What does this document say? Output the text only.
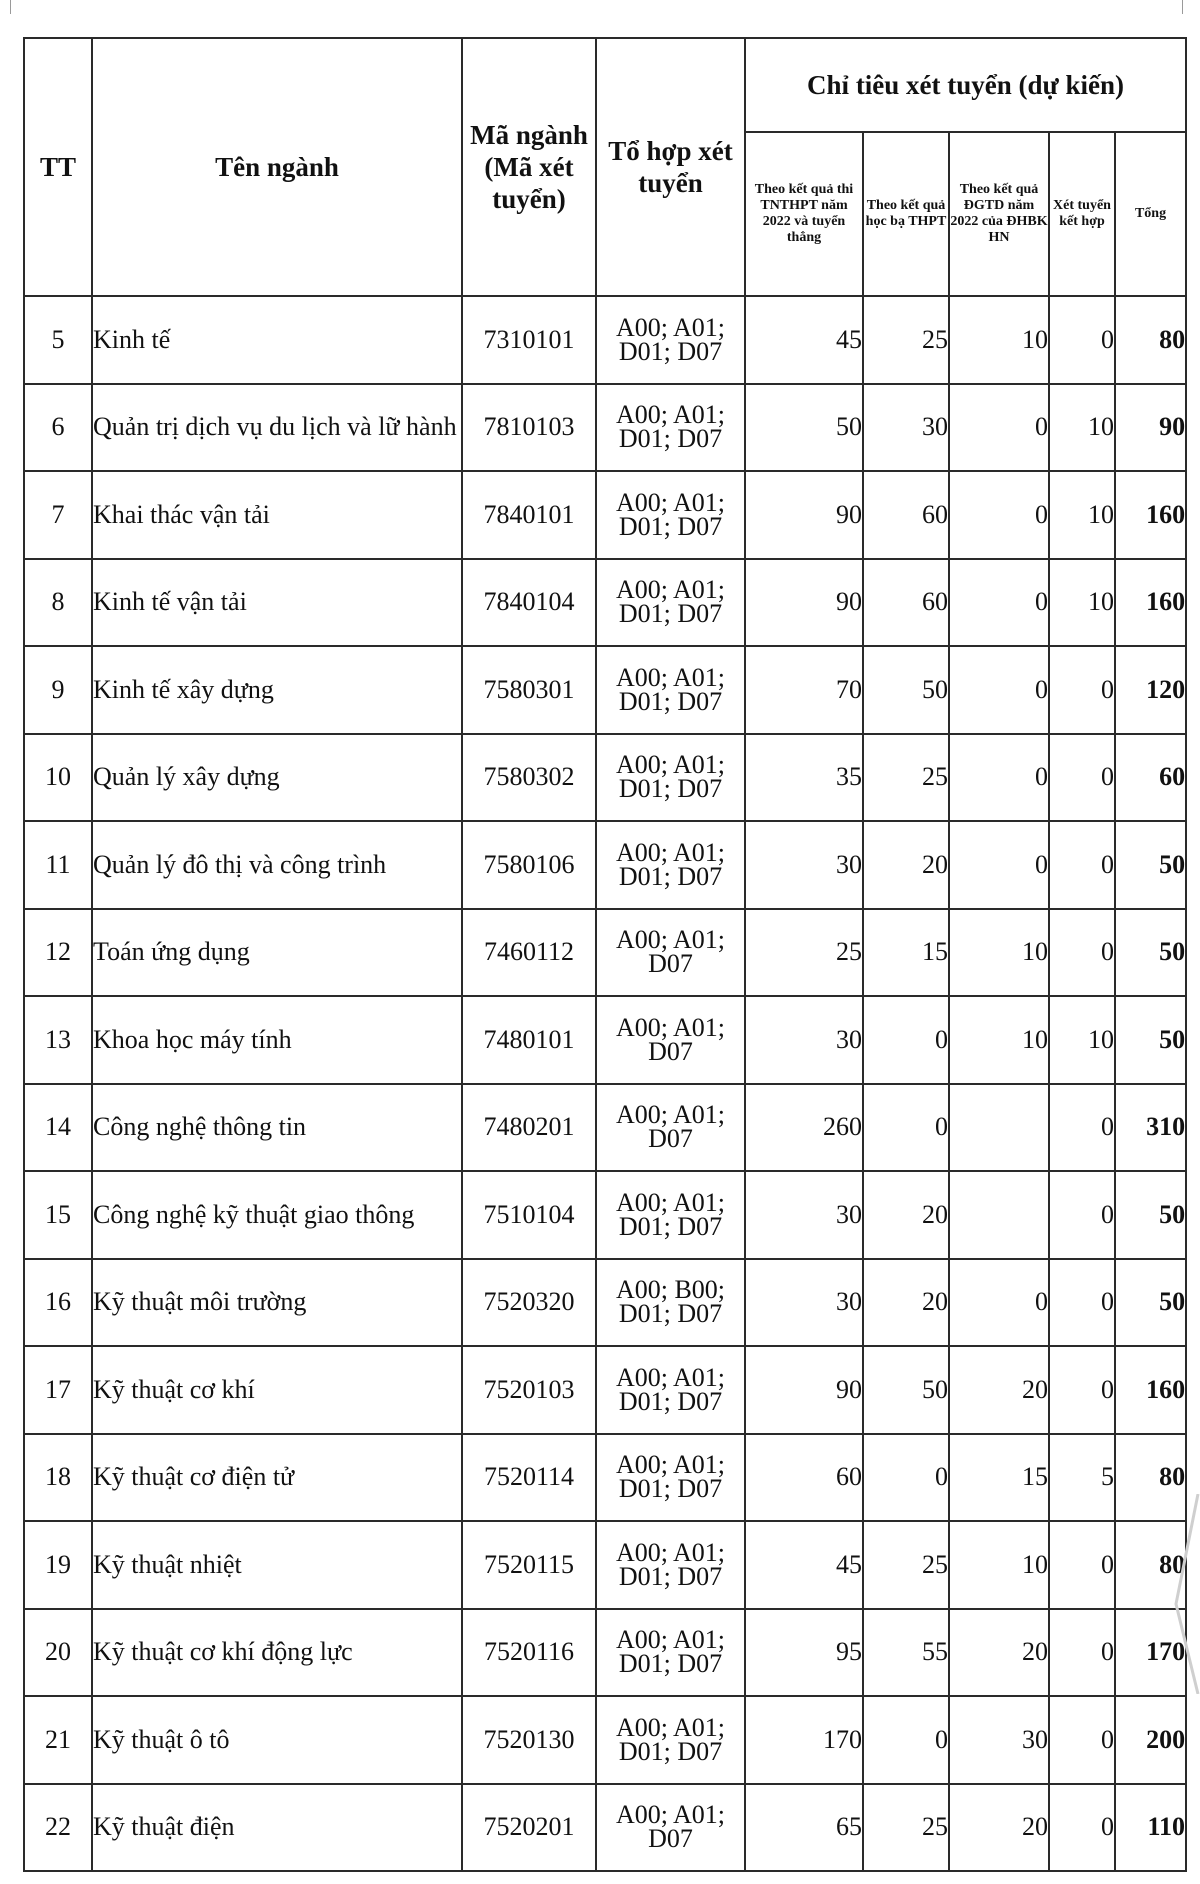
TT	Tên ngành	Mã ngành (Mã xét tuyển)	Tổ hợp xét tuyển	Chỉ tiêu xét tuyển (dự kiến)				
				Theo kết quả thi TNTHPT năm 2022 và tuyển thẳng	Theo kết quả học bạ THPT	Theo kết quả ĐGTD năm 2022 của ĐHBK HN	Xét tuyển kết hợp	Tổng
5	Kinh tế	7310101	A00; A01; D01; D07	45	25	10	0	80
6	Quản trị dịch vụ du lịch và lữ hành	7810103	A00; A01; D01; D07	50	30	0	10	90
7	Khai thác vận tải	7840101	A00; A01; D01; D07	90	60	0	10	160
8	Kinh tế vận tải	7840104	A00; A01; D01; D07	90	60	0	10	160
9	Kinh tế xây dựng	7580301	A00; A01; D01; D07	70	50	0	0	120
10	Quản lý xây dựng	7580302	A00; A01; D01; D07	35	25	0	0	60
11	Quản lý đô thị và công trình	7580106	A00; A01; D01; D07	30	20	0	0	50
12	Toán ứng dụng	7460112	A00; A01; D07	25	15	10	0	50
13	Khoa học máy tính	7480101	A00; A01; D07	30	0	10	10	50
14	Công nghệ thông tin	7480201	A00; A01; D07	260	0		0	310
15	Công nghệ kỹ thuật giao thông	7510104	A00; A01; D01; D07	30	20		0	50
16	Kỹ thuật môi trường	7520320	A00; B00; D01; D07	30	20	0	0	50
17	Kỹ thuật cơ khí	7520103	A00; A01; D01; D07	90	50	20	0	160
18	Kỹ thuật cơ điện tử	7520114	A00; A01; D01; D07	60	0	15	5	80
19	Kỹ thuật nhiệt	7520115	A00; A01; D01; D07	45	25	10	0	80
20	Kỹ thuật cơ khí động lực	7520116	A00; A01; D01; D07	95	55	20	0	170
21	Kỹ thuật ô tô	7520130	A00; A01; D01; D07	170	0	30	0	200
22	Kỹ thuật điện	7520201	A00; A01; D07	65	25	20	0	110
